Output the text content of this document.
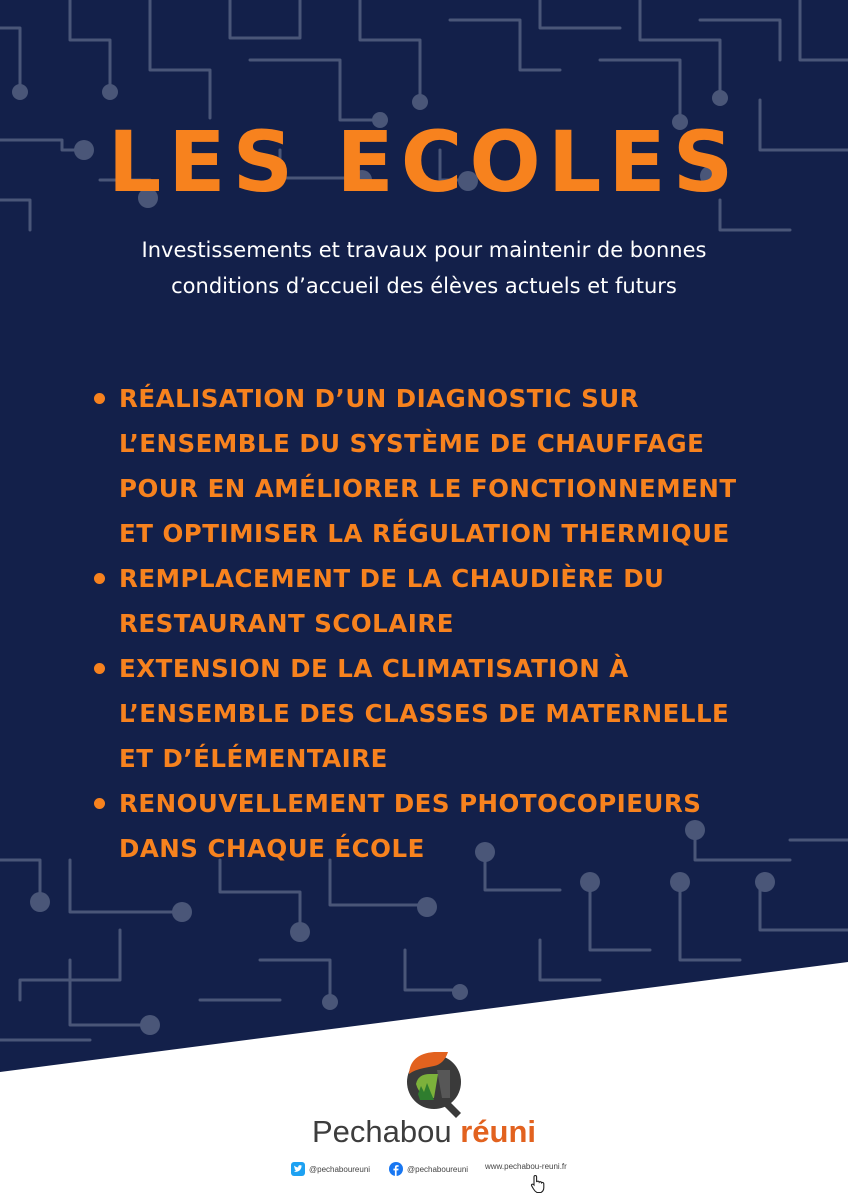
LES ECOLES
Investissements et travaux pour maintenir de bonnes
conditions d’accueil des élèves actuels et futurs
RÉALISATION D’UN DIAGNOSTIC SUR
L’ENSEMBLE DU SYSTÈME DE CHAUFFAGE
POUR EN AMÉLIORER LE FONCTIONNEMENT
ET OPTIMISER LA RÉGULATION THERMIQUE
REMPLACEMENT DE LA CHAUDIÈRE DU
RESTAURANT SCOLAIRE
EXTENSION DE LA CLIMATISATION À
L’ENSEMBLE DES CLASSES DE MATERNELLE
ET D’ÉLÉMENTAIRE
RENOUVELLEMENT DES PHOTOCOPIEURS
DANS CHAQUE ÉCOLE
Pechabou réuni
@pechaboureuni	@pechaboureuni www.pechabou-reuni.fr
